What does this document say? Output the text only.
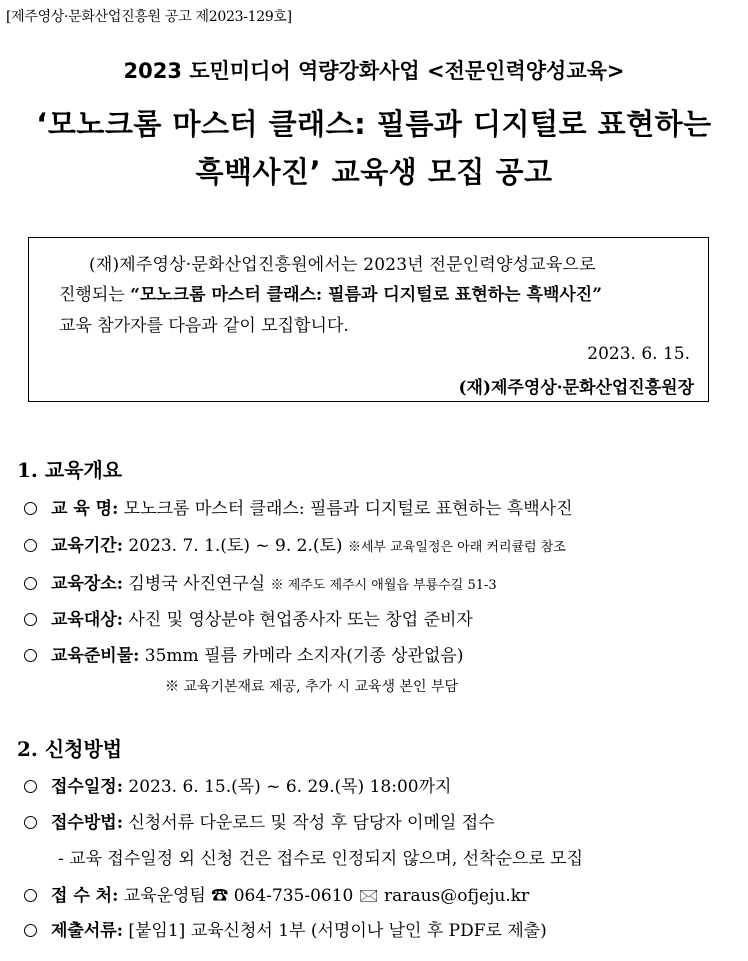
[제주영상·문화산업진흥원 공고 제2023-129호]
2023 도민미디어 역량강화사업 <전문인력양성교육>
‘모노크롬 마스터 클래스: 필름과 디지털로 표현하는
흑백사진’ 교육생 모집 공고
(재)제주영상·문화산업진흥원에서는 2023년 전문인력양성교육으로
진행되는 “모노크롬 마스터 클래스: 필름과 디지털로 표현하는 흑백사진”
교육 참가자를 다음과 같이 모집합니다.
2023. 6. 15.
(재)제주영상·문화산업진흥원장
1. 교육개요
교 육 명: 모노크롬 마스터 클래스: 필름과 디지털로 표현하는 흑백사진
교육기간: 2023. 7. 1.(토) ~ 9. 2.(토) ※세부 교육일정은 아래 커리큘럼 참조
교육장소: 김병국 사진연구실 ※ 제주도 제주시 애월읍 부룡수길 51-3
교육대상: 사진 및 영상분야 현업종사자 또는 창업 준비자
교육준비물: 35mm 필름 카메라 소지자(기종 상관없음)
※ 교육기본재료 제공, 추가 시 교육생 본인 부담
2. 신청방법
접수일정: 2023. 6. 15.(목) ~ 6. 29.(목) 18:00까지
접수방법: 신청서류 다운로드 및 작성 후 담당자 이메일 접수
- 교육 접수일정 외 신청 건은 접수로 인정되지 않으며, 선착순으로 모집
접 수 처: 교육운영팀 ☎ 064-735-0610 🖂 raraus@ofjeju.kr
제출서류: [붙임1] 교육신청서 1부 (서명이나 날인 후 PDF로 제출)
